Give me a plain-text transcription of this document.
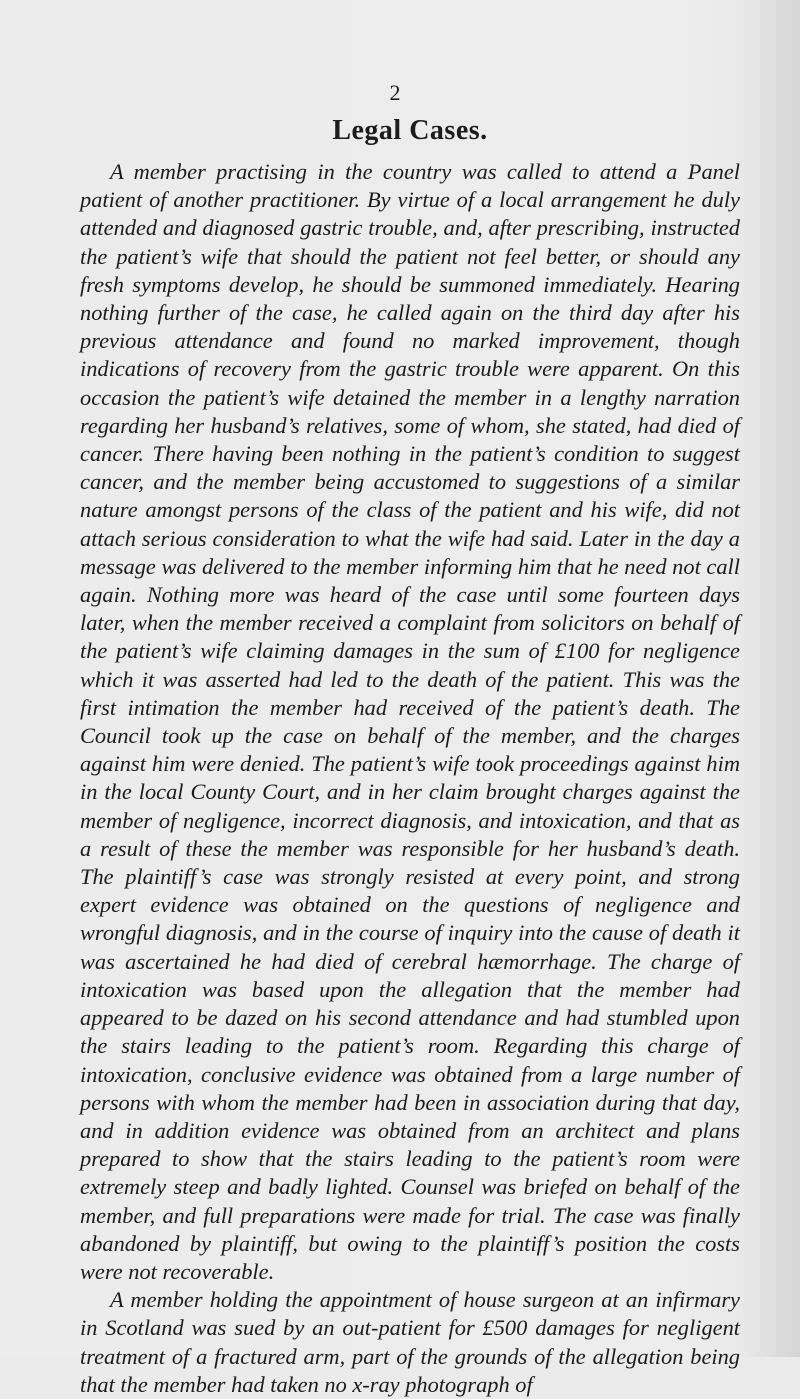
2
Legal Cases.

A member practising in the country was called to attend a Panel patient of another practitioner. By virtue of a local arrangement he duly attended and diagnosed gastric trouble, and, after prescribing, instructed the patient’s wife that should the patient not feel better, or should any fresh symptoms develop, he should be summoned immediately. Hearing nothing further of the case, he called again on the third day after his previous attendance and found no marked improvement, though indications of recovery from the gastric trouble were apparent. On this occasion the patient’s wife detained the member in a lengthy narration regarding her husband’s relatives, some of whom, she stated, had died of cancer. There having been nothing in the patient’s condition to suggest cancer, and the member being accustomed to suggestions of a similar nature amongst persons of the class of the patient and his wife, did not attach serious consideration to what the wife had said. Later in the day a message was delivered to the member informing him that he need not call again. Nothing more was heard of the case until some fourteen days later, when the member received a complaint from solicitors on behalf of the patient’s wife claiming damages in the sum of £100 for negligence which it was asserted had led to the death of the patient. This was the first intimation the member had received of the patient’s death. The Council took up the case on behalf of the member, and the charges against him were denied. The patient’s wife took proceedings against him in the local County Court, and in her claim brought charges against the member of negligence, incorrect diagnosis, and intoxication, and that as a result of these the member was responsible for her husband’s death. The plaintiff’s case was strongly resisted at every point, and strong expert evidence was obtained on the questions of negligence and wrongful diagnosis, and in the course of inquiry into the cause of death it was ascertained he had died of cerebral hæmorrhage. The charge of intoxication was based upon the allegation that the member had appeared to be dazed on his second attendance and had stumbled upon the stairs leading to the patient’s room. Regarding this charge of intoxication, conclusive evidence was obtained from a large number of persons with whom the member had been in association during that day, and in addition evidence was obtained from an architect and plans prepared to show that the stairs leading to the patient’s room were extremely steep and badly lighted. Counsel was briefed on behalf of the member, and full preparations were made for trial. The case was finally abandoned by plaintiff, but owing to the plaintiff’s position the costs were not recoverable.

A member holding the appointment of house surgeon at an infirmary in Scotland was sued by an out-patient for £500 damages for negligent treatment of a fractured arm, part of the grounds of the allegation being that the member had taken no x-ray photograph of
